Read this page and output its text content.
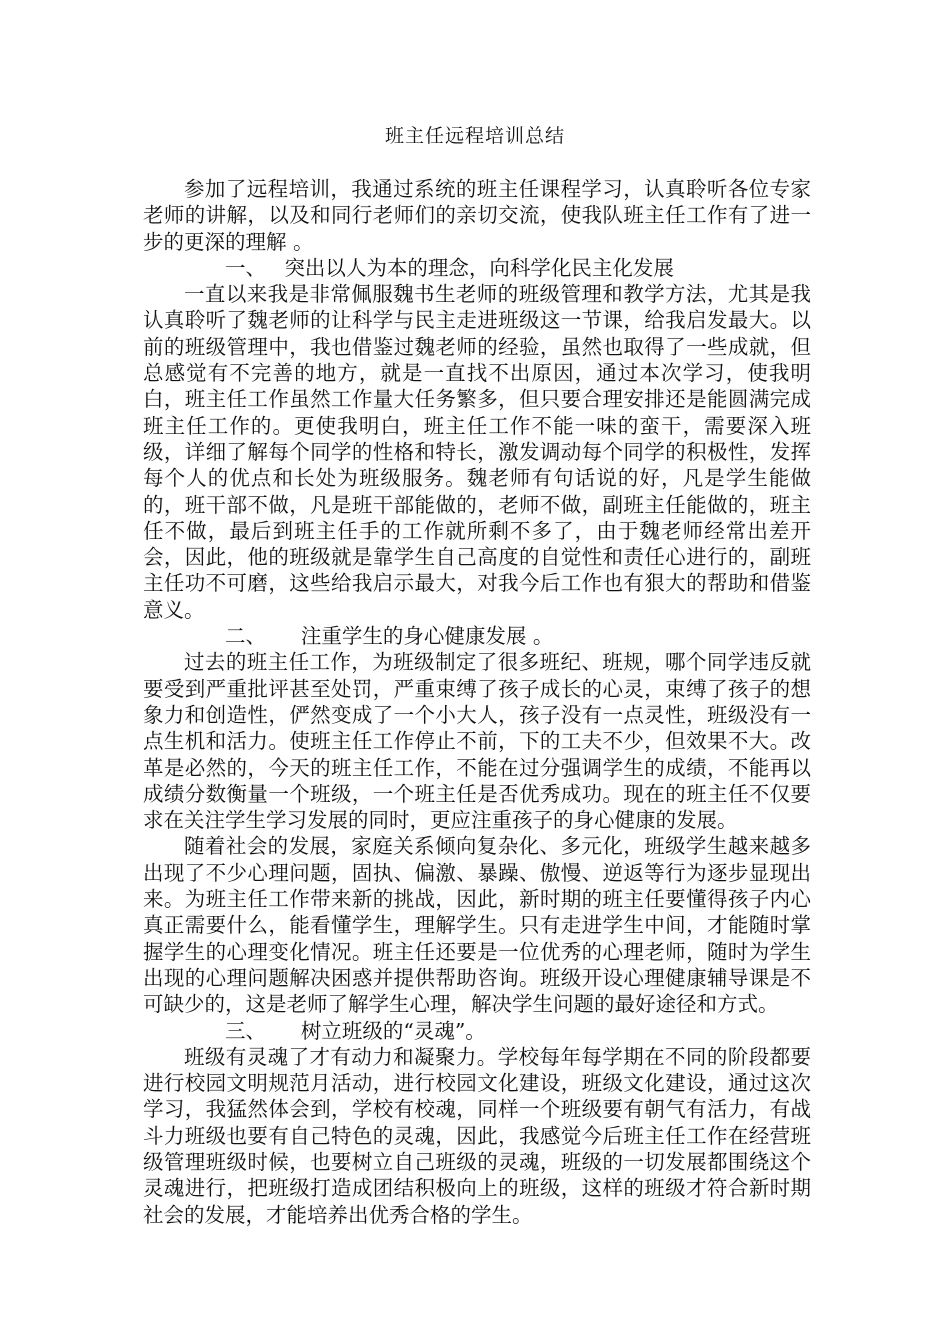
班主任远程培训总结

参加了远程培训，我通过系统的班主任课程学习，认真聆听各位专家老师的讲解，以及和同行老师们的亲切交流，使我队班主任工作有了进一步的更深的理解 。

一、 突出以人为本的理念，向科学化民主化发展

一直以来我是非常佩服魏书生老师的班级管理和教学方法，尤其是我认真聆听了魏老师的让科学与民主走进班级这一节课，给我启发最大。以前的班级管理中，我也借鉴过魏老师的经验，虽然也取得了一些成就，但总感觉有不完善的地方，就是一直找不出原因，通过本次学习，使我明白，班主任工作虽然工作量大任务繁多，但只要合理安排还是能圆满完成班主任工作的。更使我明白，班主任工作不能一味的蛮干，需要深入班级，详细了解每个同学的性格和特长，激发调动每个同学的积极性，发挥每个人的优点和长处为班级服务。魏老师有句话说的好，凡是学生能做的，班干部不做，凡是班干部能做的，老师不做，副班主任能做的，班主任不做，最后到班主任手的工作就所剩不多了，由于魏老师经常出差开会，因此，他的班级就是靠学生自己高度的自觉性和责任心进行的，副班主任功不可磨，这些给我启示最大，对我今后工作也有狠大的帮助和借鉴意义。

二、 注重学生的身心健康发展 。

过去的班主任工作，为班级制定了很多班纪、班规，哪个同学违反就要受到严重批评甚至处罚，严重束缚了孩子成长的心灵，束缚了孩子的想象力和创造性，俨然变成了一个小大人，孩子没有一点灵性，班级没有一点生机和活力。使班主任工作停止不前，下的工夫不少，但效果不大。改革是必然的，今天的班主任工作，不能在过分强调学生的成绩，不能再以成绩分数衡量一个班级，一个班主任是否优秀成功。现在的班主任不仅要求在关注学生学习发展的同时，更应注重孩子的身心健康的发展。

随着社会的发展，家庭关系倾向复杂化、多元化，班级学生越来越多出现了不少心理问题，固执、偏激、暴躁、傲慢、逆返等行为逐步显现出来。为班主任工作带来新的挑战，因此，新时期的班主任要懂得孩子内心真正需要什么，能看懂学生，理解学生。只有走进学生中间，才能随时掌握学生的心理变化情况。班主任还要是一位优秀的心理老师，随时为学生出现的心理问题解决困惑并提供帮助咨询。班级开设心理健康辅导课是不可缺少的，这是老师了解学生心理，解决学生问题的最好途径和方式。

三、 树立班级的“灵魂”。

班级有灵魂了才有动力和凝聚力。学校每年每学期在不同的阶段都要进行校园文明规范月活动，进行校园文化建设，班级文化建设，通过这次学习，我猛然体会到，学校有校魂，同样一个班级要有朝气有活力，有战斗力班级也要有自己特色的灵魂，因此，我感觉今后班主任工作在经营班级管理班级时候，也要树立自己班级的灵魂，班级的一切发展都围绕这个灵魂进行，把班级打造成团结积极向上的班级，这样的班级才符合新时期社会的发展，才能培养出优秀合格的学生。
